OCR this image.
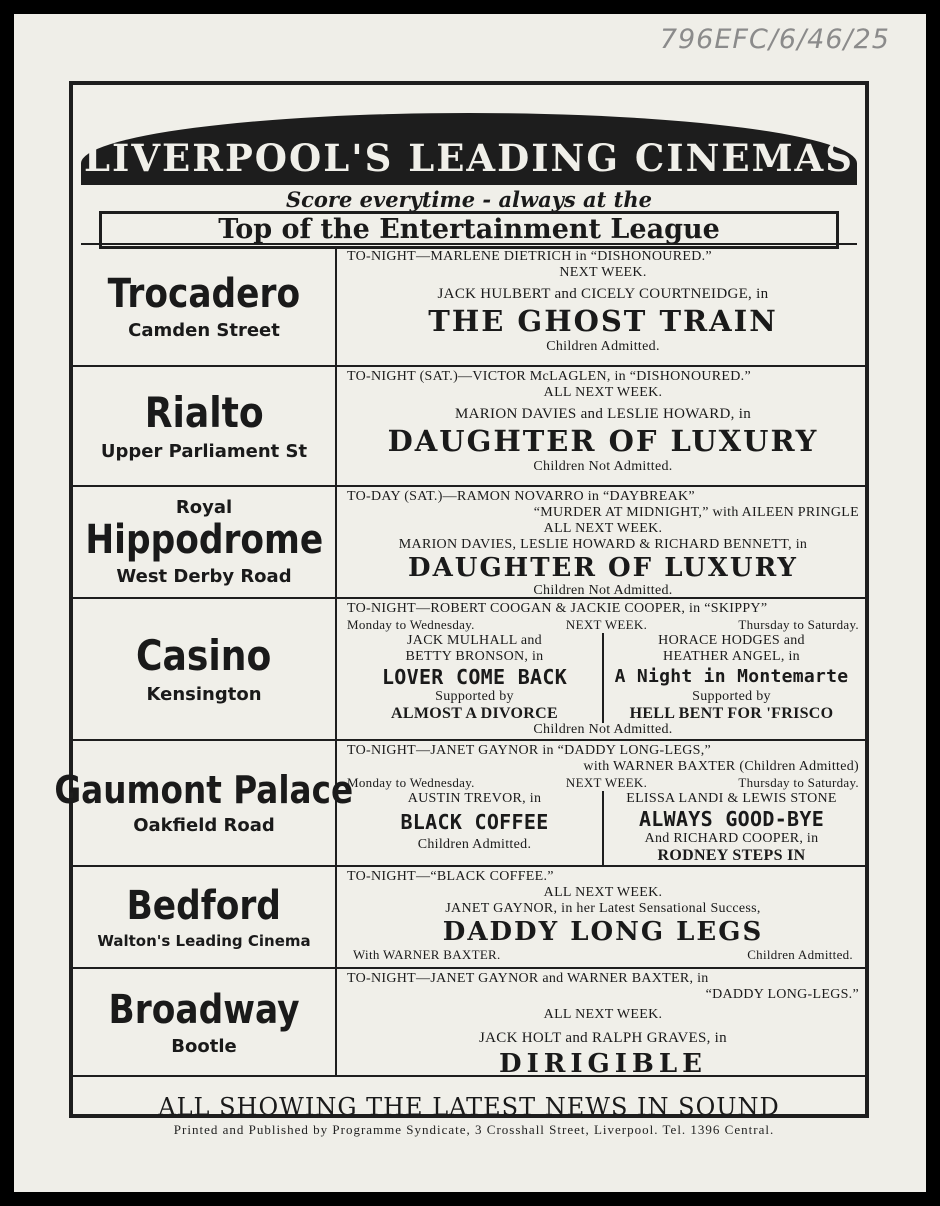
796EFC/6/46/25
LIVERPOOL'S LEADING CINEMAS
Score everytime - always at the
Top of the Entertainment League
Trocadero
Camden Street
TO-NIGHT—MARLENE DIETRICH in “DISHONOURED.”
NEXT WEEK.
JACK HULBERT and CICELY COURTNEIDGE, in
THE GHOST TRAIN
Children Admitted.
Rialto
Upper Parliament St
TO-NIGHT (SAT.)—VICTOR McLAGLEN, in “DISHONOURED.”
ALL NEXT WEEK.
MARION DAVIES and LESLIE HOWARD, in
DAUGHTER OF LUXURY
Children Not Admitted.
Royal
Hippodrome
West Derby Road
TO-DAY (SAT.)—RAMON NOVARRO in “DAYBREAK”
“MURDER AT MIDNIGHT,” with AILEEN PRINGLE
ALL NEXT WEEK.
MARION DAVIES, LESLIE HOWARD & RICHARD BENNETT, in
DAUGHTER OF LUXURY
Children Not Admitted.
Casino
Kensington
TO-NIGHT—ROBERT COOGAN & JACKIE COOPER, in “SKIPPY”
Monday to Wednesday.	NEXT WEEK.	Thursday to Saturday.
JACK MULHALL and
BETTY BRONSON, in
LOVER COME BACK
Supported by
ALMOST A DIVORCE
HORACE HODGES and
HEATHER ANGEL, in
A Night in Montemarte
Supported by
HELL BENT FOR 'FRISCO
Children Not Admitted.
Gaumont Palace
Oakfield Road
TO-NIGHT—JANET GAYNOR in “DADDY LONG-LEGS,”
with WARNER BAXTER (Children Admitted)
Monday to Wednesday.	NEXT WEEK.	Thursday to Saturday.
AUSTIN TREVOR, in
BLACK COFFEE
Children Admitted.
ELISSA LANDI & LEWIS STONE
ALWAYS GOOD-BYE
And RICHARD COOPER, in
RODNEY STEPS IN
Bedford
Walton's Leading Cinema
TO-NIGHT—“BLACK COFFEE.”
ALL NEXT WEEK.
JANET GAYNOR, in her Latest Sensational Success,
DADDY LONG LEGS
With WARNER BAXTER.	Children Admitted.
Broadway
Bootle
TO-NIGHT—JANET GAYNOR and WARNER BAXTER, in
“DADDY LONG-LEGS.”
ALL NEXT WEEK.
JACK HOLT and RALPH GRAVES, in
DIRIGIBLE
ALL SHOWING THE LATEST NEWS IN SOUND
Printed and Published by Programme Syndicate, 3 Crosshall Street, Liverpool. Tel. 1396 Central.
